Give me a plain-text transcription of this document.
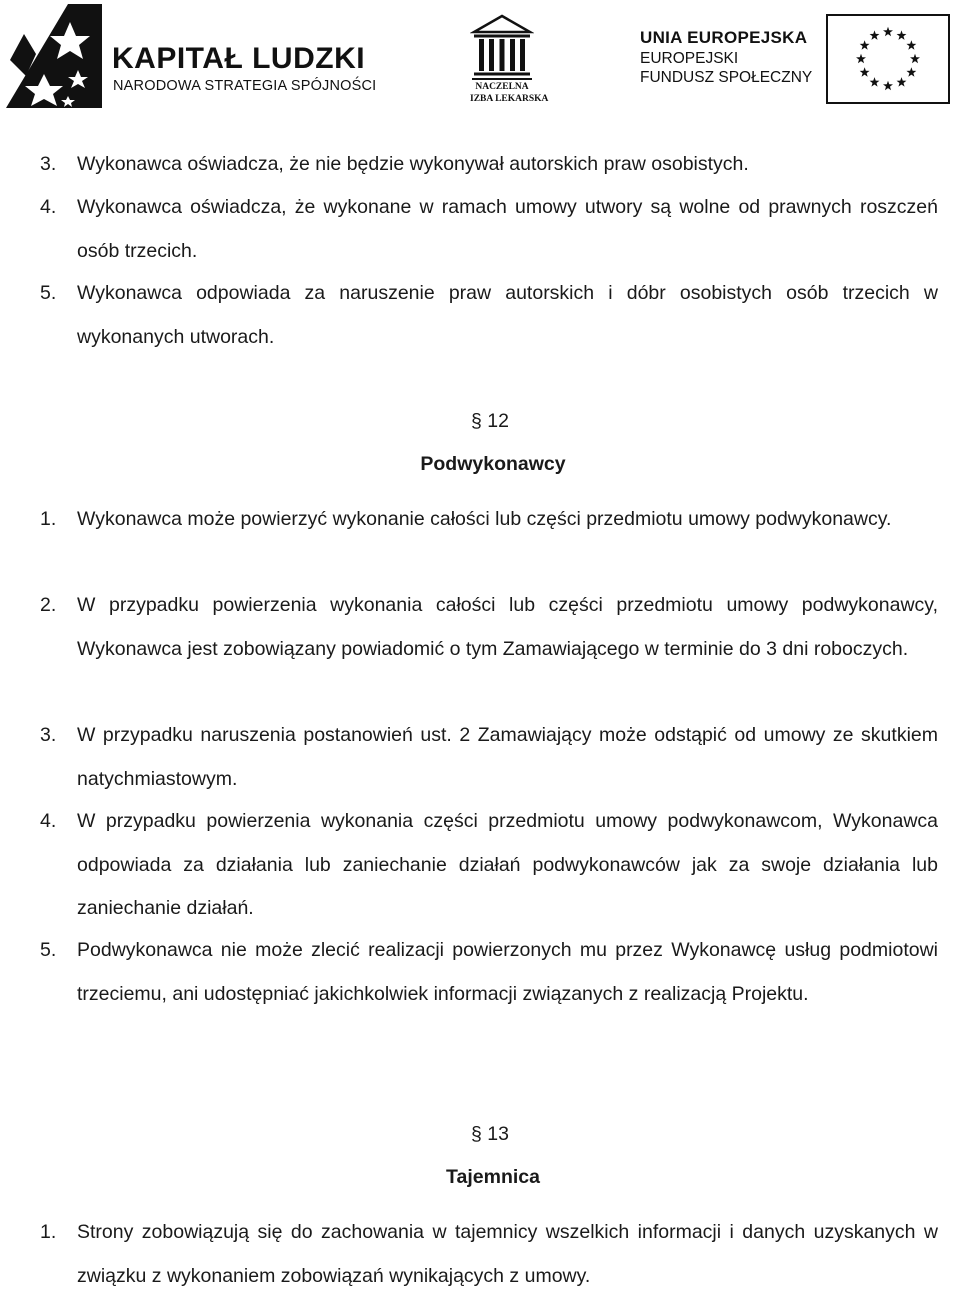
KAPITAŁ LUDZKI
NARODOWA STRATEGIA SPÓJNOŚCI	NACZELNA
IZBA LEKARSKA
UNIA EUROPEJSKA
EUROPEJSKI
FUNDUSZ SPOŁECZNY
3. Wykonawca oświadcza, że nie będzie wykonywał autorskich praw osobistych.
4. Wykonawca oświadcza, że wykonane w ramach umowy utwory są wolne od prawnych roszczeń osób trzecich.
5. Wykonawca odpowiada za naruszenie praw autorskich i dóbr osobistych osób trzecich w wykonanych utworach.
§ 12
Podwykonawcy
1. Wykonawca może powierzyć wykonanie całości lub części przedmiotu umowy podwykonawcy.
2. W przypadku powierzenia wykonania całości lub części przedmiotu umowy podwykonawcy, Wykonawca jest zobowiązany powiadomić o tym Zamawiającego w terminie do 3 dni roboczych.
3. W przypadku naruszenia postanowień ust. 2 Zamawiający może odstąpić od umowy ze skutkiem natychmiastowym.
4. W przypadku powierzenia wykonania części przedmiotu umowy podwykonawcom, Wykonawca odpowiada za działania lub zaniechanie działań podwykonawców jak za swoje działania lub zaniechanie działań.
5. Podwykonawca nie może zlecić realizacji powierzonych mu przez Wykonawcę usług podmiotowi trzeciemu, ani udostępniać jakichkolwiek informacji związanych z realizacją Projektu.
§ 13
Tajemnica
1. Strony zobowiązują się do zachowania w tajemnicy wszelkich informacji i danych uzyskanych w związku z wykonaniem zobowiązań wynikających z umowy.
